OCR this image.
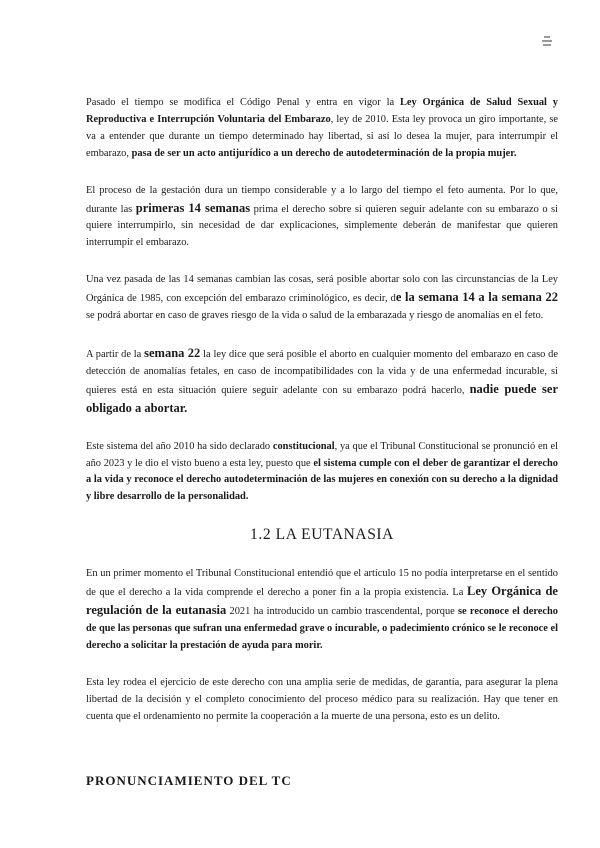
Pasado el tiempo se modifica el Código Penal y entra en vigor la Ley Orgánica de Salud Sexual y Reproductiva e Interrupción Voluntaria del Embarazo, ley de 2010. Esta ley provoca un giro importante, se va a entender que durante un tiempo determinado hay libertad, si así lo desea la mujer, para interrumpir el embarazo, pasa de ser un acto antijurídico a un derecho de autodeterminación de la propia mujer.

El proceso de la gestación dura un tiempo considerable y a lo largo del tiempo el feto aumenta. Por lo que, durante las primeras 14 semanas prima el derecho sobre si quieren seguir adelante con su embarazo o si quiere interrumpirlo, sin necesidad de dar explicaciones, simplemente deberán de manifestar que quieren interrumpir el embarazo.

Una vez pasada de las 14 semanas cambian las cosas, será posible abortar solo con las circunstancias de la Ley Orgánica de 1985, con excepción del embarazo criminológico, es decir, de la semana 14 a la semana 22 se podrá abortar en caso de graves riesgo de la vida o salud de la embarazada y riesgo de anomalías en el feto.

A partir de la semana 22 la ley dice que será posible el aborto en cualquier momento del embarazo en caso de detección de anomalías fetales, en caso de incompatibilidades con la vida y de una enfermedad incurable, si quieres está en esta situación quiere seguir adelante con su embarazo podrá hacerlo, nadie puede ser obligado a abortar.

Este sistema del año 2010 ha sido declarado constitucional, ya que el Tribunal Constitucional se pronunció en el año 2023 y le dio el visto bueno a esta ley, puesto que el sistema cumple con el deber de garantizar el derecho a la vida y reconoce el derecho autodeterminación de las mujeres en conexión con su derecho a la dignidad y libre desarrollo de la personalidad.

1.2 LA EUTANASIA

En un primer momento el Tribunal Constitucional entendió que el artículo 15 no podía interpretarse en el sentido de que el derecho a la vida comprende el derecho a poner fin a la propia existencia. La Ley Orgánica de regulación de la eutanasia 2021 ha introducido un cambio trascendental, porque se reconoce el derecho de que las personas que sufran una enfermedad grave o incurable, o padecimiento crónico se le reconoce el derecho a solicitar la prestación de ayuda para morir.

Esta ley rodea el ejercicio de este derecho con una amplia serie de medidas, de garantía, para asegurar la plena libertad de la decisión y el completo conocimiento del proceso médico para su realización. Hay que tener en cuenta que el ordenamiento no permite la cooperación a la muerte de una persona, esto es un delito.

PRONUNCIAMIENTO DEL TC
